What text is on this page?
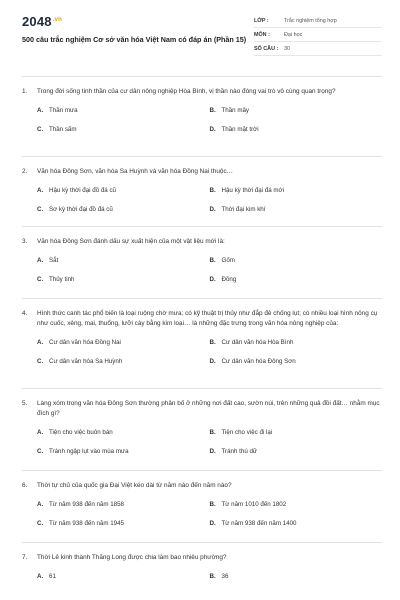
$2048^{.vn}$
500 câu trắc nghiệm Cơ sở văn hóa Việt Nam có đáp án (Phần 15)
LỚP :	Trắc nghiệm tổng hợp
MÔN :	Đại học
SỐ CÂU :	30
1.	Trong đời sống tinh thần của cư dân nông nghiệp Hòa Bình, vị thần nào đóng vai trò vô cùng quan trọng?
A. Thần mưa	B. Thần mây
C. Thần sấm	D. Thần mặt trời
2.	Văn hóa Đông Sơn, văn hóa Sa Huỳnh và văn hóa Đồng Nai thuộc…
A. Hậu kỳ thời đại đồ đá cũ	B. Hậu kỳ thời đại đá mới
C. Sơ kỳ thời đại đồ đá cũ	D. Thời đại kim khí
3.	Văn hóa Đông Sơn đánh dấu sự xuất hiện của một vật liệu mới là:
A. Sắt	B. Gốm
C. Thủy tinh	D. Đồng
4.	Hình thức canh tác phổ biến là loại ruộng chờ mưa; có kỹ thuật trị thủy như đắp đê chống lụt; có nhiều loại hình nông cụ như cuốc, xẻng, mai, thuổng, lưỡi cày bằng kim loại… là những đặc trưng trong văn hóa nông nghiệp của:
A. Cư dân văn hóa Đồng Nai	B. Cư dân văn hóa Hòa Bình
C. Cư dân văn hóa Sa Huỳnh	D. Cư dân văn hóa Đông Sơn
5.	Làng xóm trong văn hóa Đông Sơn thường phân bố ở những nơi đất cao, sườn núi, trên những quả đồi đất… nhằm mục đích gì?
A. Tiện cho việc buôn bán	B. Tiện cho việc đi lại
C. Tránh ngập lụt vào mùa mưa	D. Tránh thú dữ
6.	Thời tự chủ của quốc gia Đại Việt kéo dài từ năm nào đến năm nào?
A. Từ năm 938 đến năm 1858	B. Từ năm 1010 đến 1802
C. Từ năm 938 đến năm 1945	D. Từ năm 938 đến năm 1400
7.	Thời Lê kinh thành Thăng Long được chia làm bao nhiêu phường?
A. 61	B. 36
